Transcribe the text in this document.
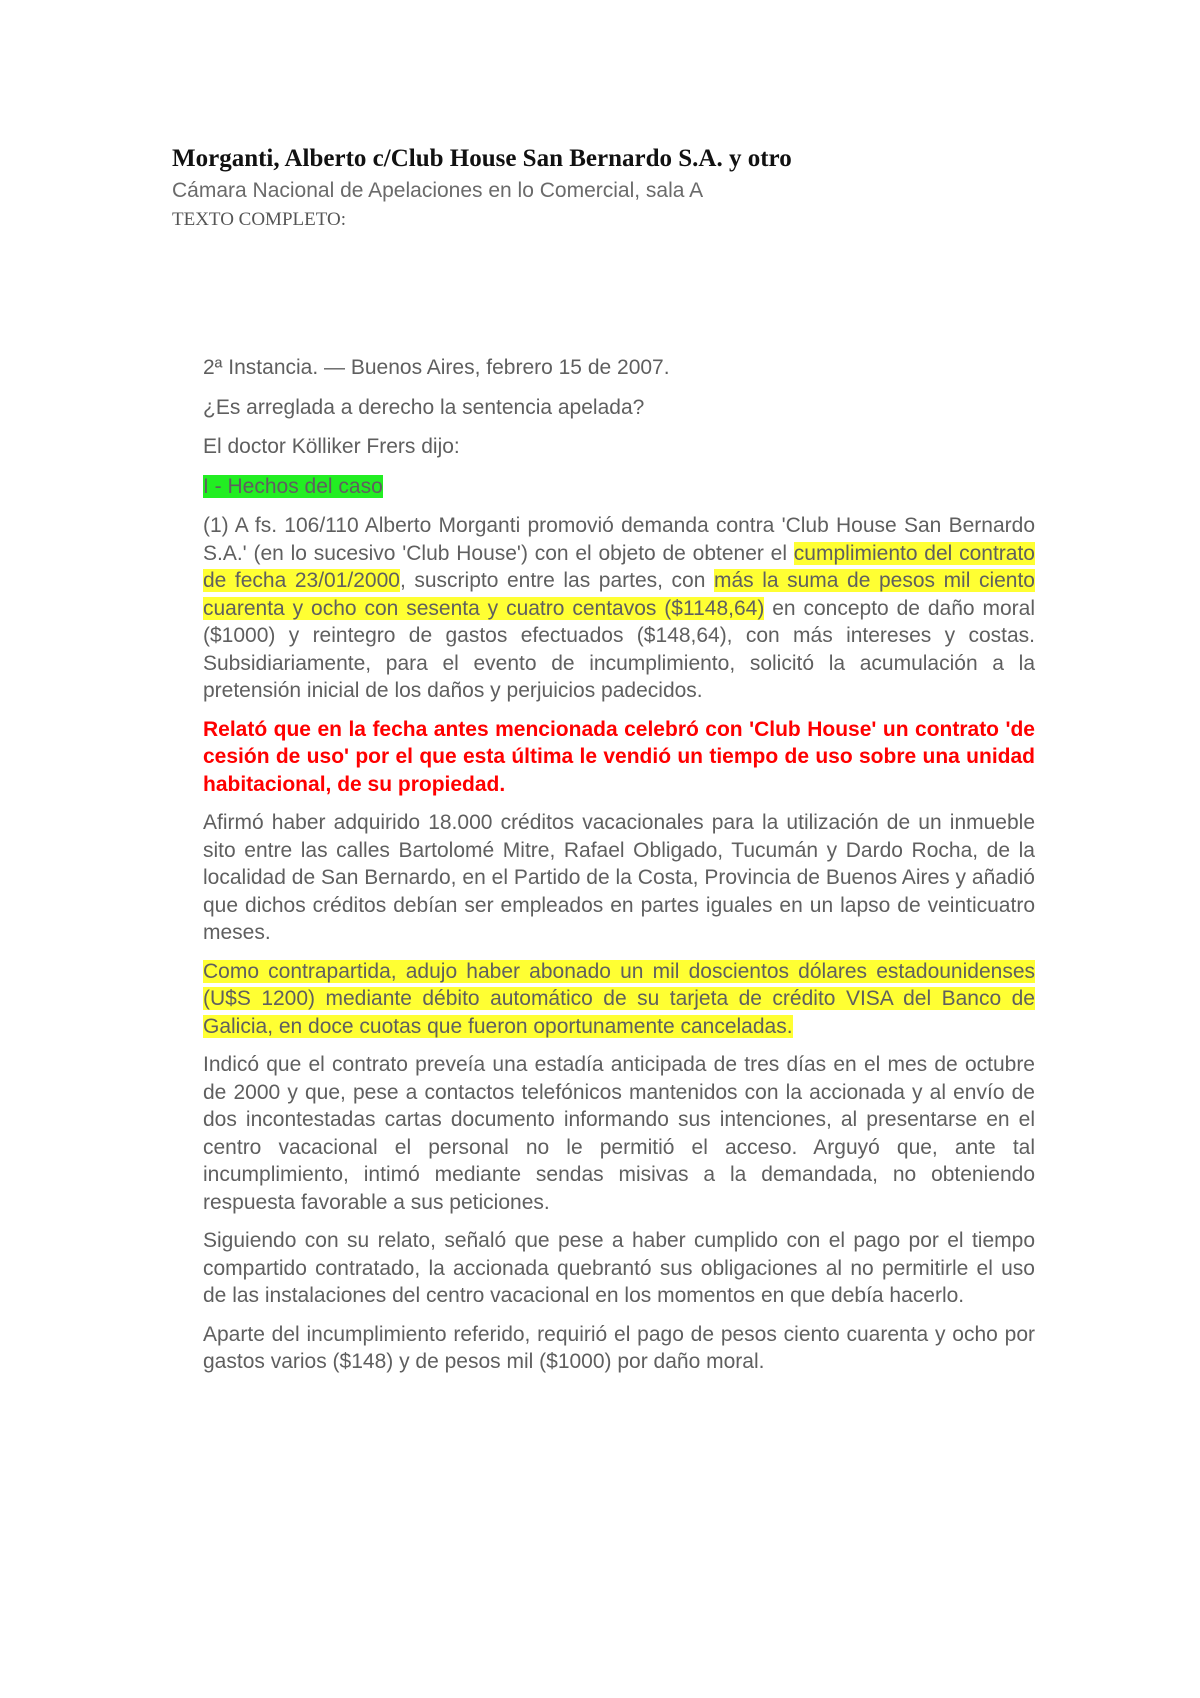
Morganti, Alberto c/Club House San Bernardo S.A. y otro

Cámara Nacional de Apelaciones en lo Comercial, sala A

TEXTO COMPLETO:

2ª Instancia. — Buenos Aires, febrero 15 de 2007.

¿Es arreglada a derecho la sentencia apelada?

El doctor Kölliker Frers dijo:

I - Hechos del caso

(1) A fs. 106/110 Alberto Morganti promovió demanda contra 'Club House San Bernardo S.A.' (en lo sucesivo 'Club House') con el objeto de obtener el cumplimiento del contrato de fecha 23/01/2000, suscripto entre las partes, con más la suma de pesos mil ciento cuarenta y ocho con sesenta y cuatro centavos ($1148,64) en concepto de daño moral ($1000) y reintegro de gastos efectuados ($148,64), con más intereses y costas. Subsidiariamente, para el evento de incumplimiento, solicitó la acumulación a la pretensión inicial de los daños y perjuicios padecidos.

Relató que en la fecha antes mencionada celebró con 'Club House' un contrato 'de cesión de uso' por el que esta última le vendió un tiempo de uso sobre una unidad habitacional, de su propiedad.

Afirmó haber adquirido 18.000 créditos vacacionales para la utilización de un inmueble sito entre las calles Bartolomé Mitre, Rafael Obligado, Tucumán y Dardo Rocha, de la localidad de San Bernardo, en el Partido de la Costa, Provincia de Buenos Aires y añadió que dichos créditos debían ser empleados en partes iguales en un lapso de veinticuatro meses.

Como contrapartida, adujo haber abonado un mil doscientos dólares estadounidenses (U$S 1200) mediante débito automático de su tarjeta de crédito VISA del Banco de Galicia, en doce cuotas que fueron oportunamente canceladas.

Indicó que el contrato preveía una estadía anticipada de tres días en el mes de octubre de 2000 y que, pese a contactos telefónicos mantenidos con la accionada y al envío de dos incontestadas cartas documento informando sus intenciones, al presentarse en el centro vacacional el personal no le permitió el acceso. Arguyó que, ante tal incumplimiento, intimó mediante sendas misivas a la demandada, no obteniendo respuesta favorable a sus peticiones.

Siguiendo con su relato, señaló que pese a haber cumplido con el pago por el tiempo compartido contratado, la accionada quebrantó sus obligaciones al no permitirle el uso de las instalaciones del centro vacacional en los momentos en que debía hacerlo.

Aparte del incumplimiento referido, requirió el pago de pesos ciento cuarenta y ocho por gastos varios ($148) y de pesos mil ($1000) por daño moral.
